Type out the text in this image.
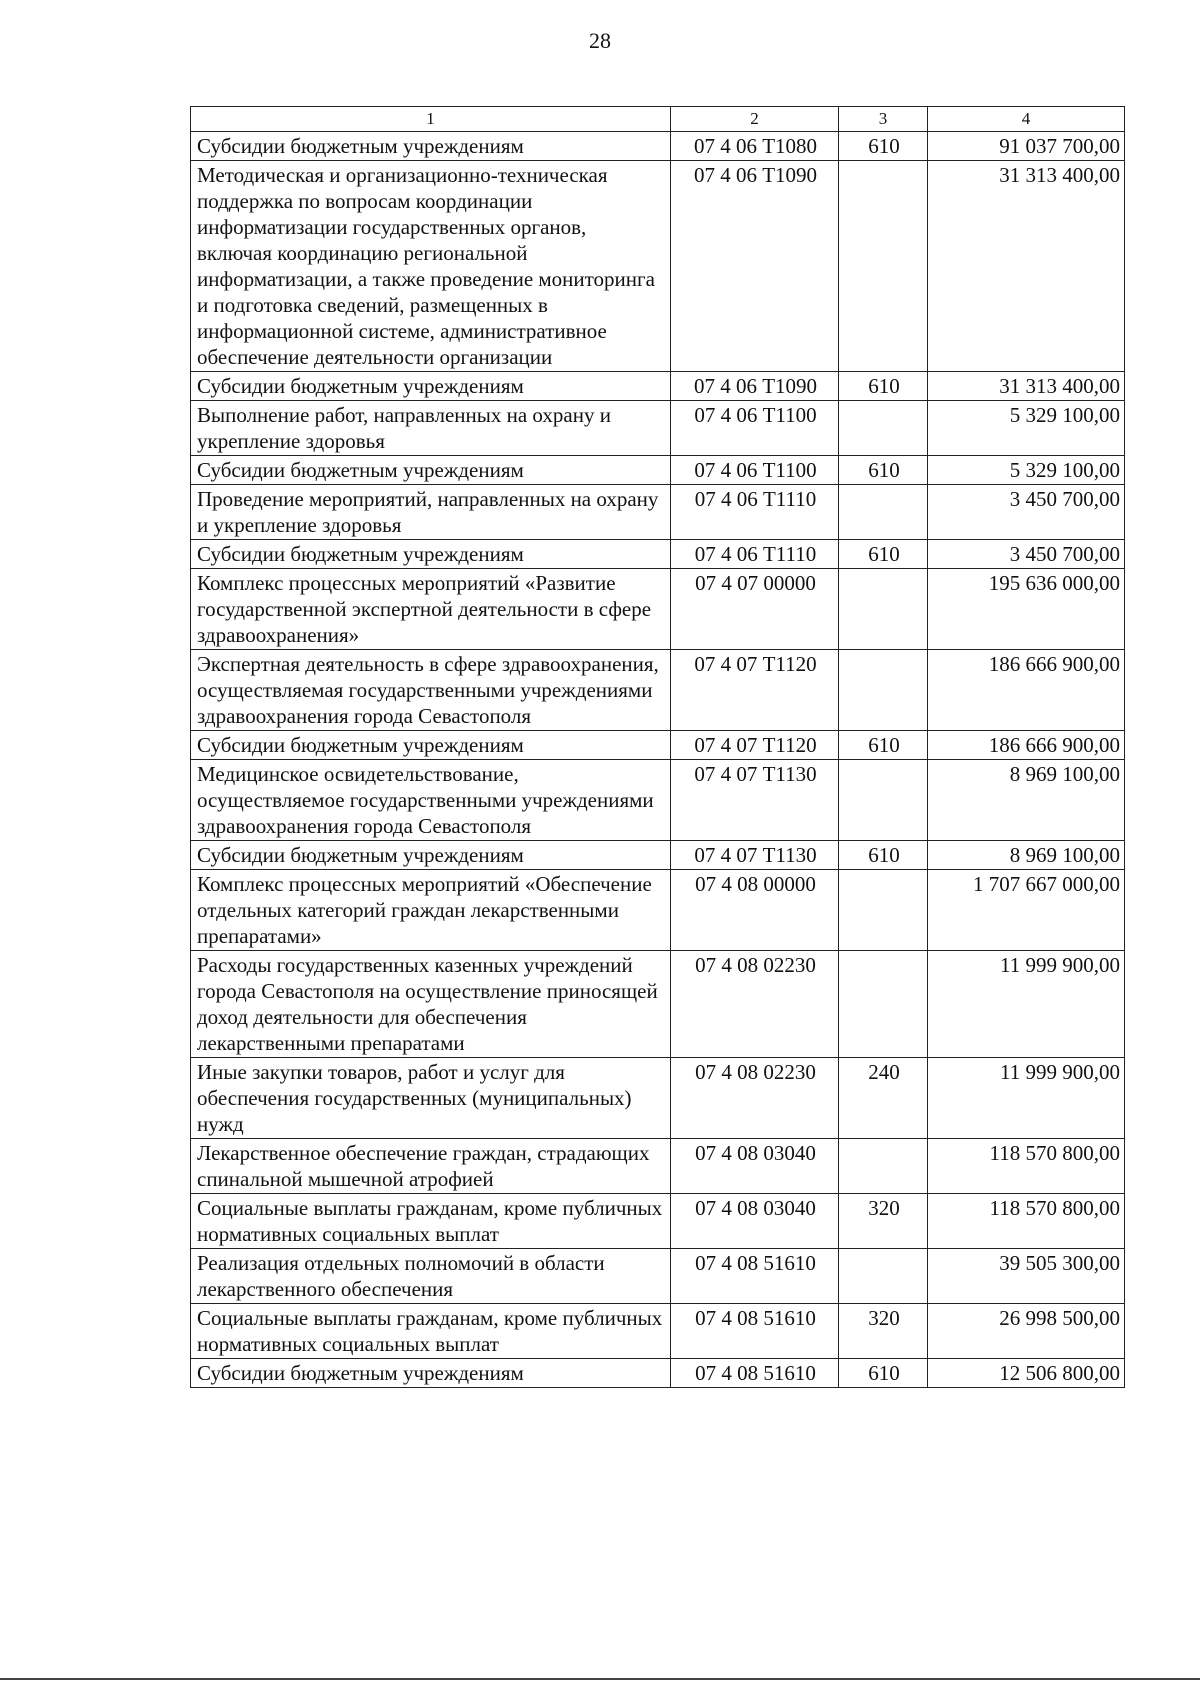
28
1	2	3	4
Субсидии бюджетным учреждениям	07 4 06 Т1080	610	91 037 700,00
Методическая и организационно-техническая поддержка по вопросам координации информатизации государственных органов, включая координацию региональной информатизации, а также проведение мониторинга и подготовка сведений, размещенных в информационной системе, административное обеспечение деятельности организации	07 4 06 Т1090		31 313 400,00
Субсидии бюджетным учреждениям	07 4 06 Т1090	610	31 313 400,00
Выполнение работ, направленных на охрану и укрепление здоровья	07 4 06 Т1100		5 329 100,00
Субсидии бюджетным учреждениям	07 4 06 Т1100	610	5 329 100,00
Проведение мероприятий, направленных на охрану и укрепление здоровья	07 4 06 Т1110		3 450 700,00
Субсидии бюджетным учреждениям	07 4 06 Т1110	610	3 450 700,00
Комплекс процессных мероприятий «Развитие государственной экспертной деятельности в сфере здравоохранения»	07 4 07 00000		195 636 000,00
Экспертная деятельность в сфере здравоохранения, осуществляемая государственными учреждениями здравоохранения города Севастополя	07 4 07 Т1120		186 666 900,00
Субсидии бюджетным учреждениям	07 4 07 Т1120	610	186 666 900,00
Медицинское освидетельствование, осуществляемое государственными учреждениями здравоохранения города Севастополя	07 4 07 Т1130		8 969 100,00
Субсидии бюджетным учреждениям	07 4 07 Т1130	610	8 969 100,00
Комплекс процессных мероприятий «Обеспечение отдельных категорий граждан лекарственными препаратами»	07 4 08 00000		1 707 667 000,00
Расходы государственных казенных учреждений города Севастополя на осуществление приносящей доход деятельности для обеспечения лекарственными препаратами	07 4 08 02230		11 999 900,00
Иные закупки товаров, работ и услуг для обеспечения государственных (муниципальных) нужд	07 4 08 02230	240	11 999 900,00
Лекарственное обеспечение граждан, страдающих спинальной мышечной атрофией	07 4 08 03040		118 570 800,00
Социальные выплаты гражданам, кроме публичных нормативных социальных выплат	07 4 08 03040	320	118 570 800,00
Реализация отдельных полномочий в области лекарственного обеспечения	07 4 08 51610		39 505 300,00
Социальные выплаты гражданам, кроме публичных нормативных социальных выплат	07 4 08 51610	320	26 998 500,00
Субсидии бюджетным учреждениям	07 4 08 51610	610	12 506 800,00
